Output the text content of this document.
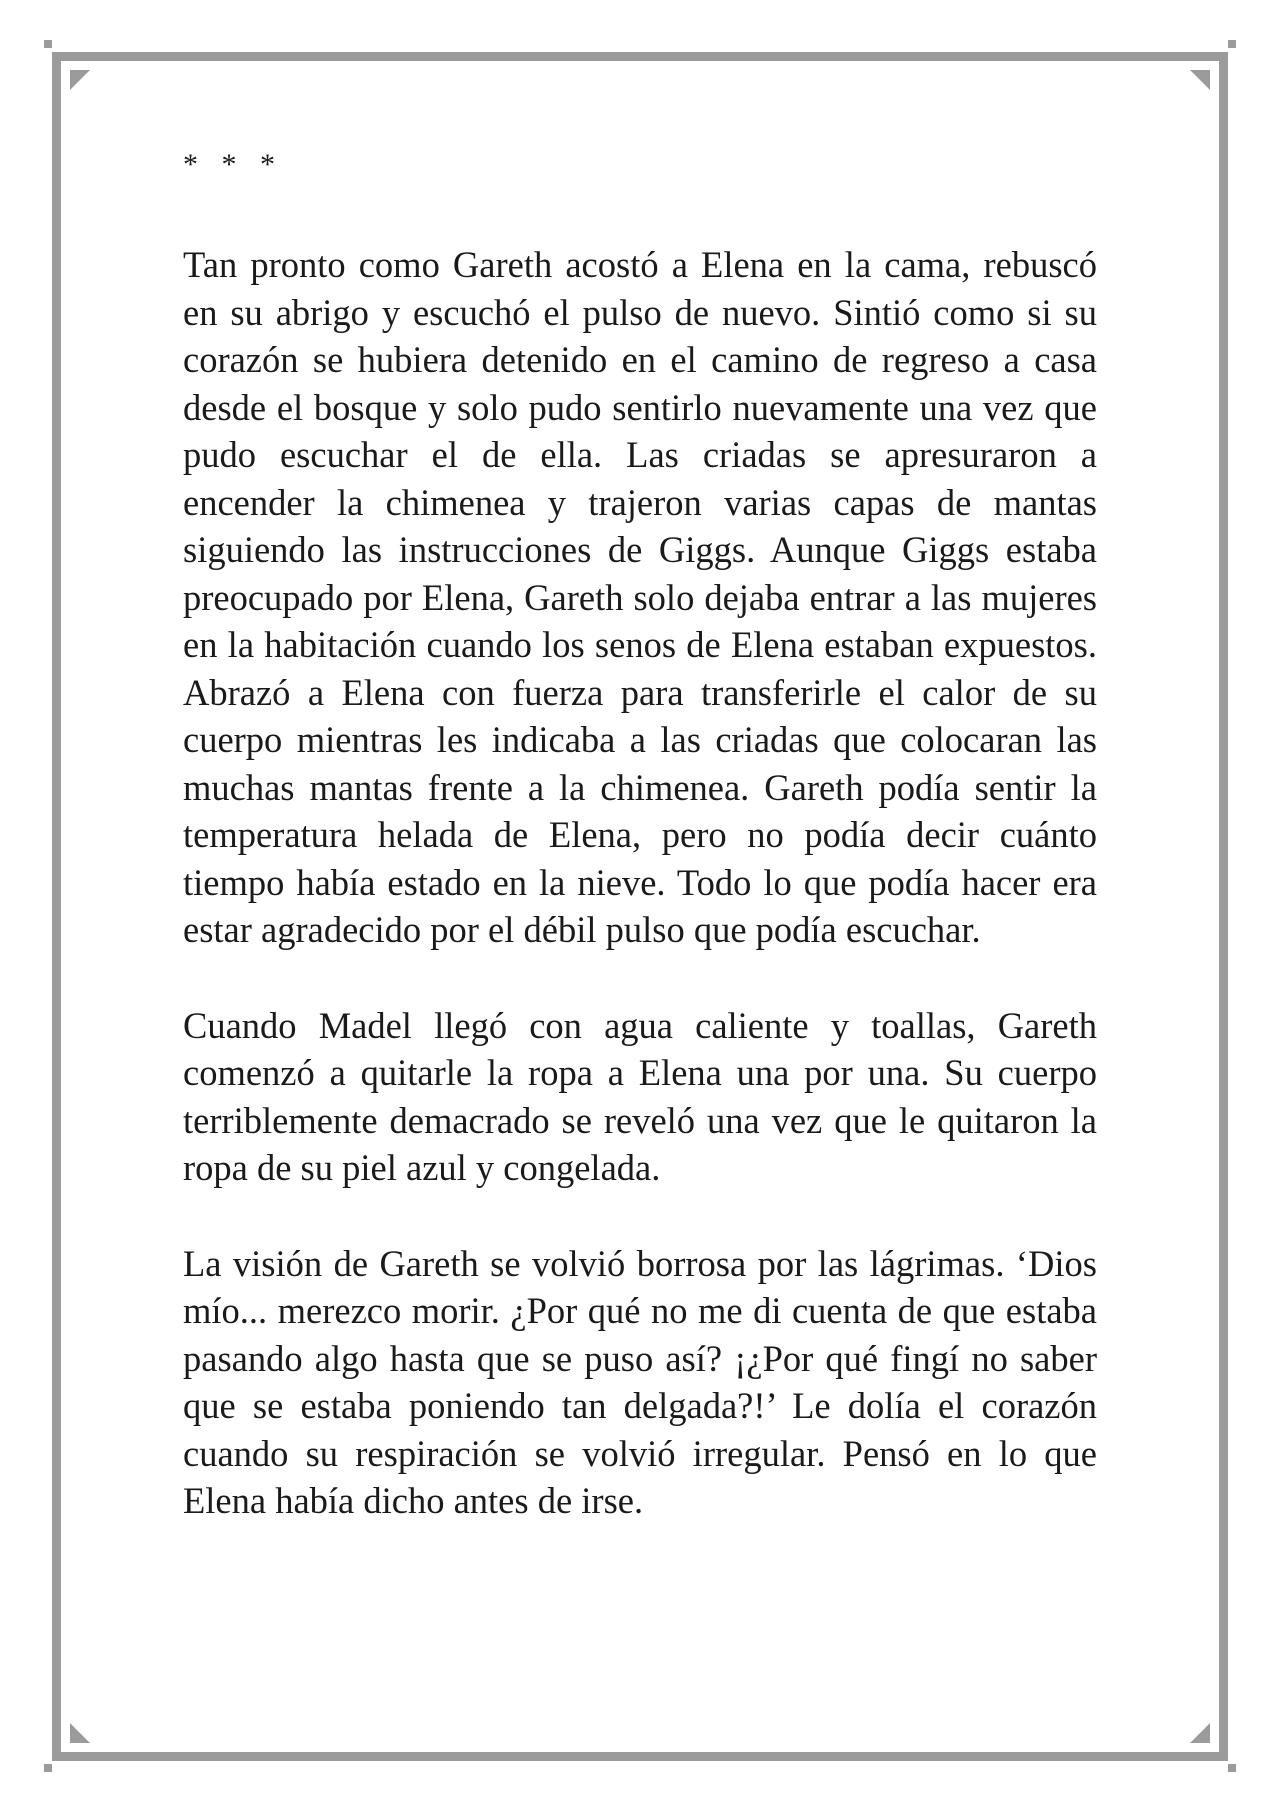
* * *

Tan pronto como Gareth acostó a Elena en la cama, rebuscó en su abrigo y escuchó el pulso de nuevo. Sintió como si su corazón se hubiera detenido en el camino de regreso a casa desde el bosque y solo pudo sentirlo nuevamente una vez que pudo escuchar el de ella. Las criadas se apresuraron a encender la chimenea y trajeron varias capas de mantas siguiendo las instrucciones de Giggs. Aunque Giggs estaba preocupado por Elena, Gareth solo dejaba entrar a las mujeres en la habitación cuando los senos de Elena estaban expuestos. Abrazó a Elena con fuerza para transferirle el calor de su cuerpo mientras les indicaba a las criadas que colocaran las muchas mantas frente a la chimenea. Gareth podía sentir la temperatura helada de Elena, pero no podía decir cuánto tiempo había estado en la nieve. Todo lo que podía hacer era estar agradecido por el débil pulso que podía escuchar.

Cuando Madel llegó con agua caliente y toallas, Gareth comenzó a quitarle la ropa a Elena una por una. Su cuerpo terriblemente demacrado se reveló una vez que le quitaron la ropa de su piel azul y congelada.

La visión de Gareth se volvió borrosa por las lágrimas. ‘Dios mío... merezco morir. ¿Por qué no me di cuenta de que estaba pasando algo hasta que se puso así? ¡¿Por qué fingí no saber que se estaba poniendo tan delgada?!’ Le dolía el corazón cuando su respiración se volvió irregular. Pensó en lo que Elena había dicho antes de irse.
